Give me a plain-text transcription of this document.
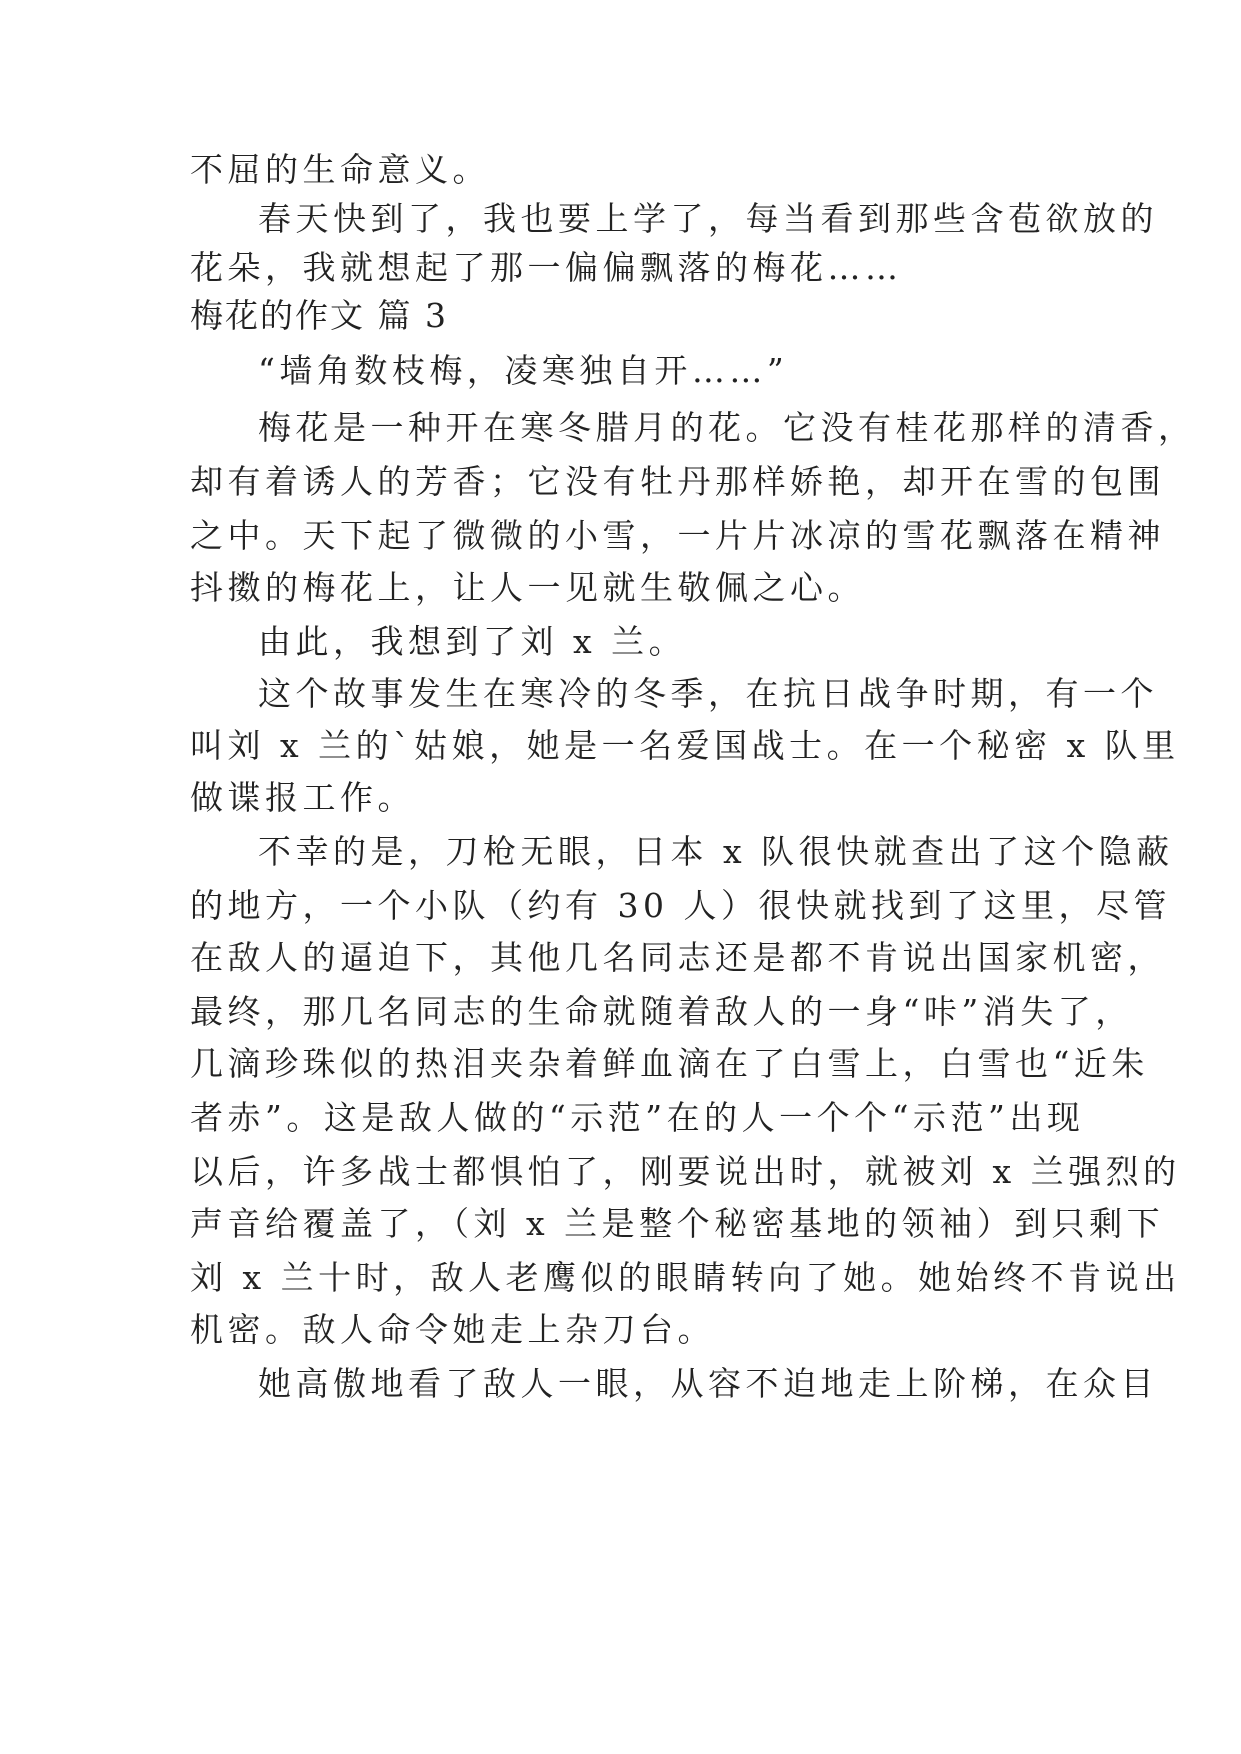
不屈的生命意义。
春天快到了，我也要上学了，每当看到那些含苞欲放的
花朵，我就想起了那一偏偏飘落的梅花……
梅花的作文 篇 3
“墙角数枝梅，凌寒独自开……”
梅花是一种开在寒冬腊月的花。它没有桂花那样的清香，
却有着诱人的芳香；它没有牡丹那样娇艳，却开在雪的包围
之中。天下起了微微的小雪，一片片冰凉的雪花飘落在精神
抖擞的梅花上，让人一见就生敬佩之心。
由此，我想到了刘 x 兰。
这个故事发生在寒冷的冬季，在抗日战争时期，有一个
叫刘 x 兰的`姑娘，她是一名爱国战士。在一个秘密 x 队里
做谍报工作。
不幸的是，刀枪无眼，日本 x 队很快就查出了这个隐蔽
的地方，一个小队（约有 30 人）很快就找到了这里，尽管
在敌人的逼迫下，其他几名同志还是都不肯说出国家机密，
最终，那几名同志的生命就随着敌人的一身“咔”消失了，
几滴珍珠似的热泪夹杂着鲜血滴在了白雪上，白雪也“近朱
者赤”。这是敌人做的“示范”在的人一个个“示范”出现
以后，许多战士都惧怕了，刚要说出时，就被刘 x 兰强烈的
声音给覆盖了，（刘 x 兰是整个秘密基地的领袖）到只剩下
刘 x 兰十时，敌人老鹰似的眼睛转向了她。她始终不肯说出
机密。敌人命令她走上杂刀台。
她高傲地看了敌人一眼，从容不迫地走上阶梯，在众目
